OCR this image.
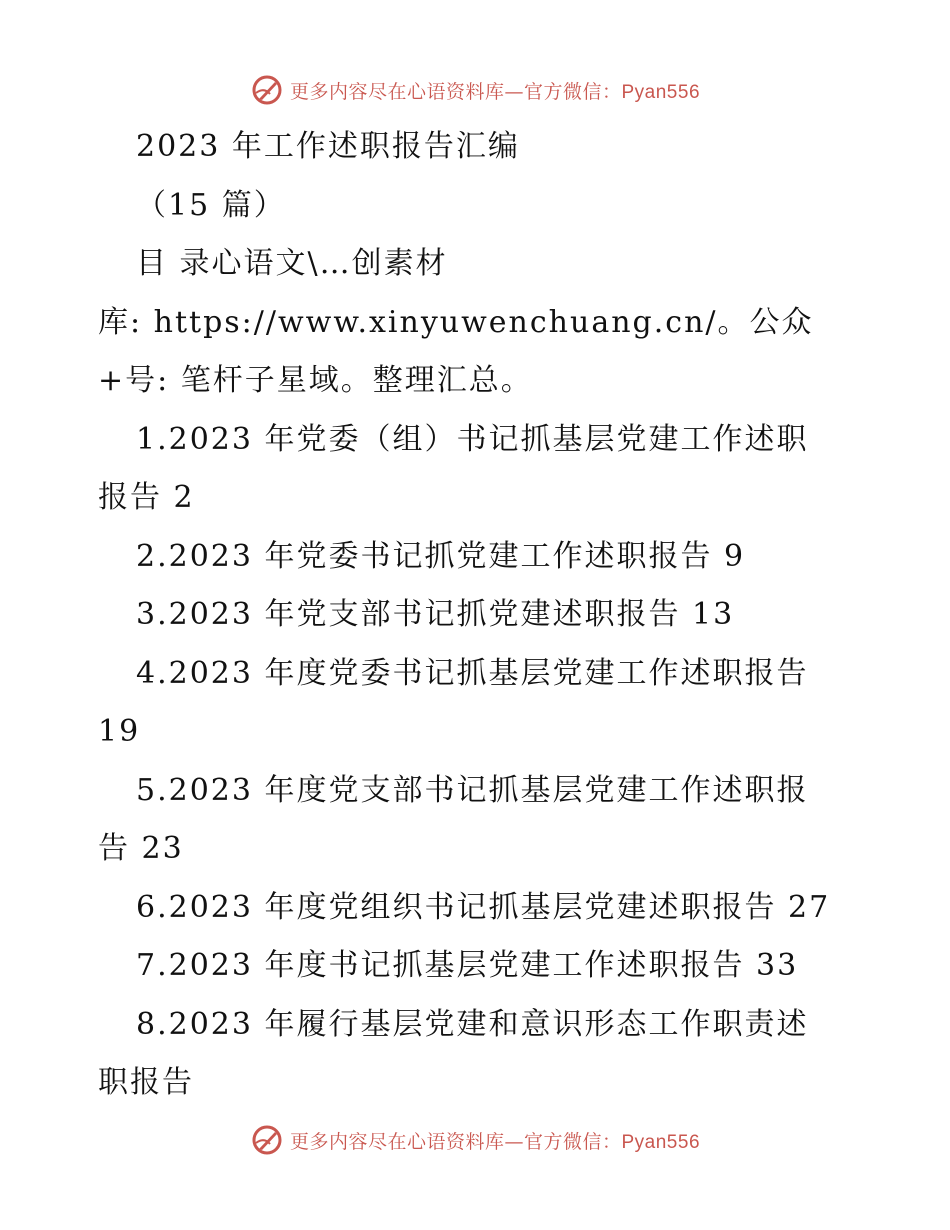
更多内容尽在心语资料库—官方微信：Pyan556
2023 年工作述职报告汇编
（15 篇）
目 录心语文\…创素材
库: https://www.xinyuwenchuang.cn/。公众
+号: 笔杆子星域。整理汇总。
1.2023 年党委（组）书记抓基层党建工作述职
报告 2
2.2023 年党委书记抓党建工作述职报告 9
3.2023 年党支部书记抓党建述职报告 13
4.2023 年度党委书记抓基层党建工作述职报告
19
5.2023 年度党支部书记抓基层党建工作述职报
告 23
6.2023 年度党组织书记抓基层党建述职报告 27
7.2023 年度书记抓基层党建工作述职报告 33
8.2023 年履行基层党建和意识形态工作职责述
职报告
更多内容尽在心语资料库—官方微信：Pyan556
